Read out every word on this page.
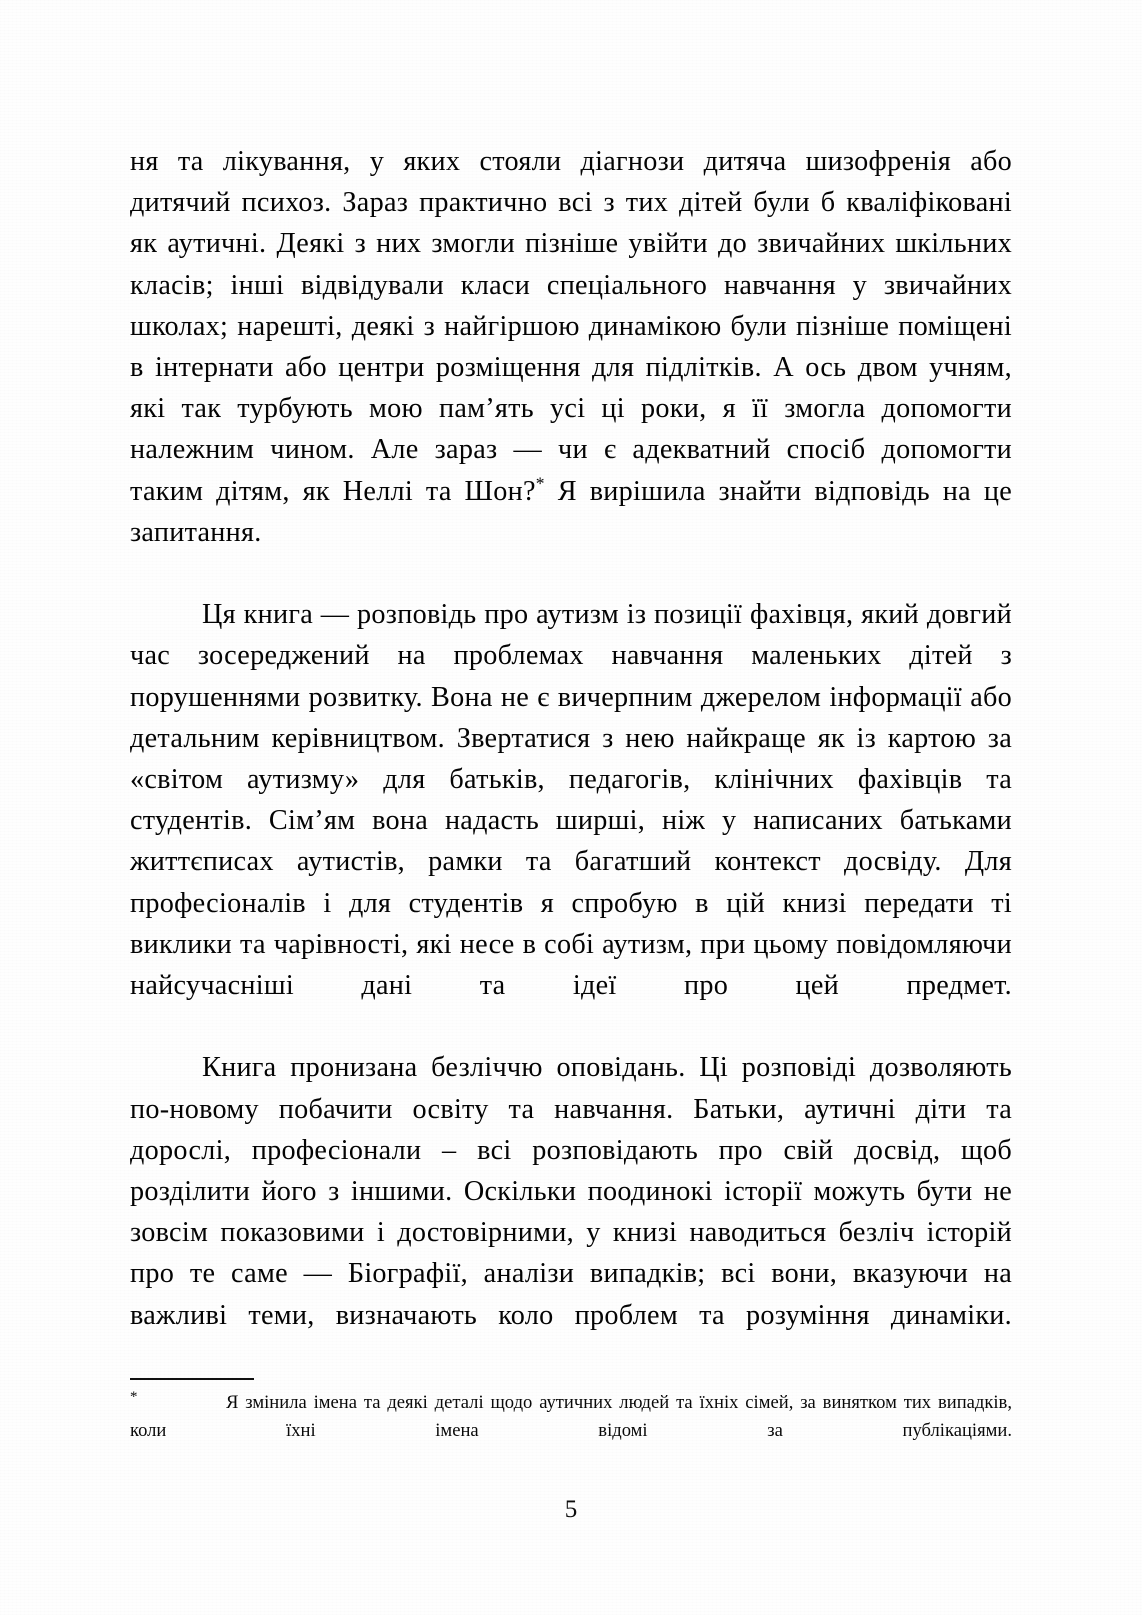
ня та лікування, у яких стояли діагнози дитяча шизофренія або дитячий психоз. Зараз практично всі з тих дітей були б кваліфіковані як аутичні. Деякі з них змогли пізніше увійти до звичайних шкільних класів; інші відвідували класи спеціального навчання у звичайних школах; нарешті, деякі з найгіршою динамікою були пізніше поміщені в інтернати або центри розміщення для підлітків. А ось двом учням, які так турбують мою пам’ять усі ці роки, я її змогла допомогти належним чином. Але зараз — чи є адекватний спосіб допомогти таким дітям, як Неллі та Шон?* Я вирішила знайти відповідь на це запитання.

Ця книга — розповідь про аутизм із позиції фахівця, який довгий час зосереджений на проблемах навчання маленьких дітей з порушеннями розвитку. Вона не є вичерпним джерелом інформації або детальним керівництвом. Звертатися з нею найкраще як із картою за «світом аутизму» для батьків, педагогів, клінічних фахівців та студентів. Сім’ям вона надасть ширші, ніж у написаних батьками життєписах аутистів, рамки та багатший контекст досвіду. Для професіоналів і для студентів я спробую в цій книзі передати ті виклики та чарівності, які несе в собі аутизм, при цьому повідомляючи найсучасніші дані та ідеї про цей предмет.

Книга пронизана безліччю оповідань. Ці розповіді дозволяють по-новому побачити освіту та навчання. Батьки, аутичні діти та дорослі, професіонали – всі розповідають про свій досвід, щоб розділити його з іншими. Оскільки поодинокі історії можуть бути не зовсім показовими і достовірними, у книзі наводиться безліч історій про те саме — Біографії, аналізи випадків; всі вони, вказуючи на важливі теми, визначають коло проблем та розуміння динаміки.

*	Я змінила імена та деякі деталі щодо аутичних людей та їхніх сімей, за винятком тих випадків, коли їхні імена відомі за публікаціями.

5
